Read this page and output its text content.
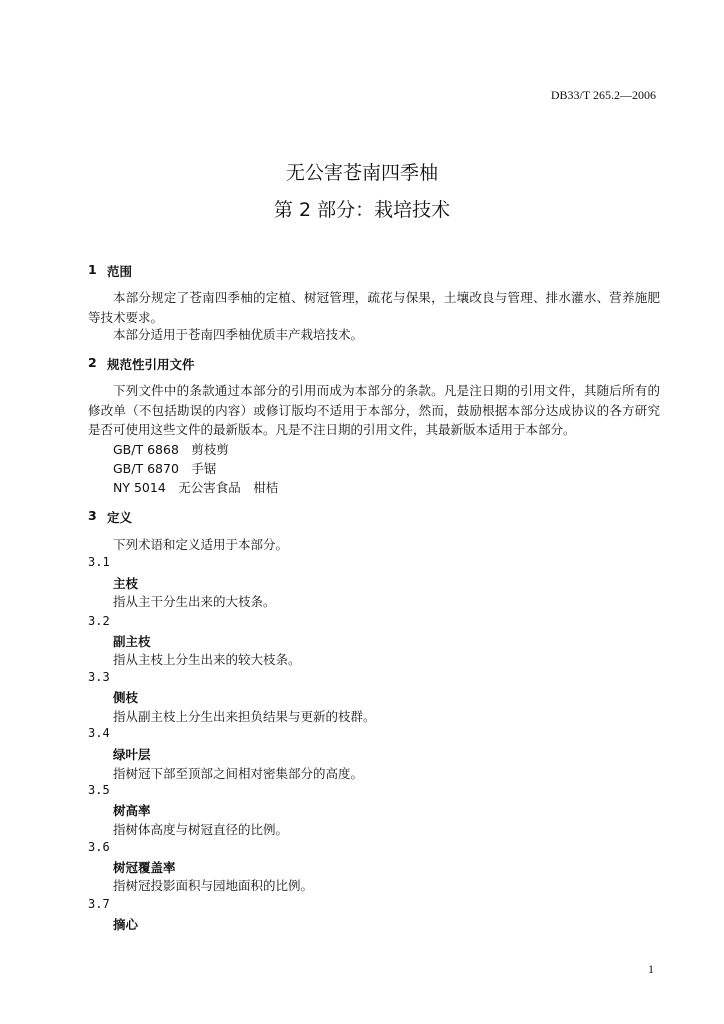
DB33/T 265.2—2006
无公害苍南四季柚
第 2 部分：栽培技术
1 范围
本部分规定了苍南四季柚的定植、树冠管理，疏花与保果，土壤改良与管理、排水灌水、营养施肥等技术要求。
本部分适用于苍南四季柚优质丰产栽培技术。
2 规范性引用文件
下列文件中的条款通过本部分的引用而成为本部分的条款。凡是注日期的引用文件，其随后所有的修改单（不包括勘误的内容）或修订版均不适用于本部分，然而，鼓励根据本部分达成协议的各方研究是否可使用这些文件的最新版本。凡是不注日期的引用文件，其最新版本适用于本部分。
GB/T 6868　剪枝剪
GB/T 6870　手锯
NY 5014　无公害食品　柑桔
3 定义
下列术语和定义适用于本部分。
3.1
主枝
指从主干分生出来的大枝条。
3.2
副主枝
指从主枝上分生出来的较大枝条。
3.3
侧枝
指从副主枝上分生出来担负结果与更新的枝群。
3.4
绿叶层
指树冠下部至顶部之间相对密集部分的高度。
3.5
树高率
指树体高度与树冠直径的比例。
3.6
树冠覆盖率
指树冠投影面积与园地面积的比例。
3.7
摘心
1
